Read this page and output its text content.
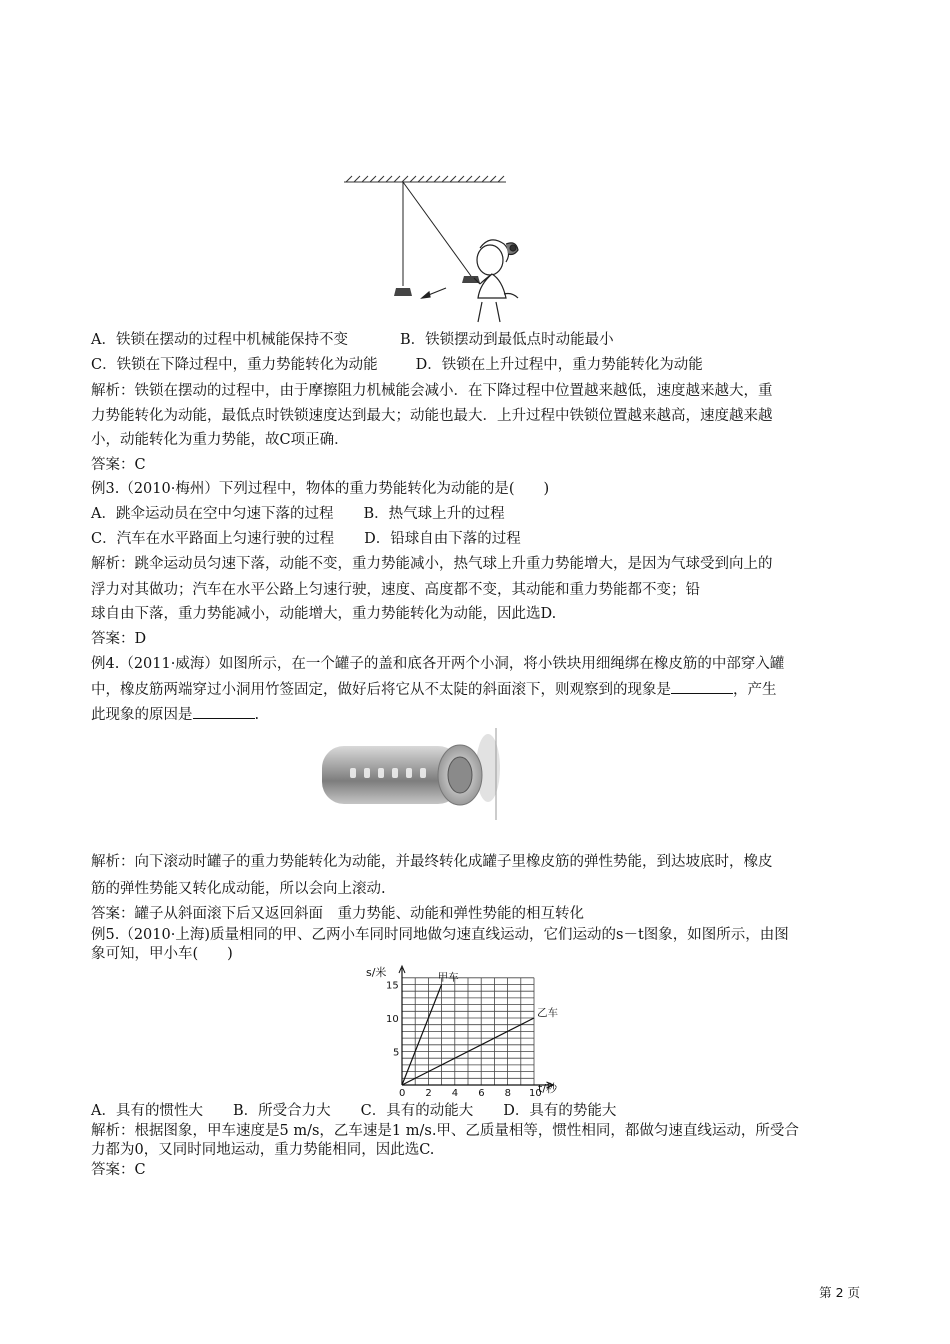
A．铁锁在摆动的过程中机械能保持不变	B．铁锁摆动到最低点时动能最小
C．铁锁在下降过程中，重力势能转化为动能	D．铁锁在上升过程中，重力势能转化为动能
解析：铁锁在摆动的过程中，由于摩擦阻力机械能会减小．在下降过程中位置越来越低，速度越来越大，重
力势能转化为动能，最低点时铁锁速度达到最大；动能也最大．上升过程中铁锁位置越来越高，速度越来越
小，动能转化为重力势能，故C项正确．
答案：C
例3.（2010·梅州）下列过程中，物体的重力势能转化为动能的是(　　)
A．跳伞运动员在空中匀速下落的过程 B．热气球上升的过程
C．汽车在水平路面上匀速行驶的过程 D．铅球自由下落的过程
解析：跳伞运动员匀速下落，动能不变，重力势能减小，热气球上升重力势能增大，是因为气球受到向上的
浮力对其做功；汽车在水平公路上匀速行驶，速度、高度都不变，其动能和重力势能都不变；铅
球自由下落，重力势能减小，动能增大，重力势能转化为动能，因此选D.
答案：D
例4.（2011·威海）如图所示，在一个罐子的盖和底各开两个小洞，将小铁块用细绳绑在橡皮筋的中部穿入罐
中，橡皮筋两端穿过小洞用竹签固定，做好后将它从不太陡的斜面滚下，则观察到的现象是	，产生
此现象的原因是	.
解析：向下滚动时罐子的重力势能转化为动能，并最终转化成罐子里橡皮筋的弹性势能，到达坡底时，橡皮
筋的弹性势能又转化成动能，所以会向上滚动.
答案：罐子从斜面滚下后又返回斜面　重力势能、动能和弹性势能的相互转化
例5.（2010·上海)质量相同的甲、乙两小车同时同地做匀速直线运动，它们运动的s－t图象，如图所示，由图
象可知，甲小车(　　)
0 2 4 6 8 10
5
10
15
甲车
乙车
s/米
t/秒
A．具有的惯性大 B．所受合力大 C．具有的动能大 D．具有的势能大
解析：根据图象，甲车速度是5 m/s，乙车速是1 m/s.甲、乙质量相等，惯性相同，都做匀速直线运动，所受合
力都为0，又同时同地运动，重力势能相同，因此选C.
答案：C
第 2 页
